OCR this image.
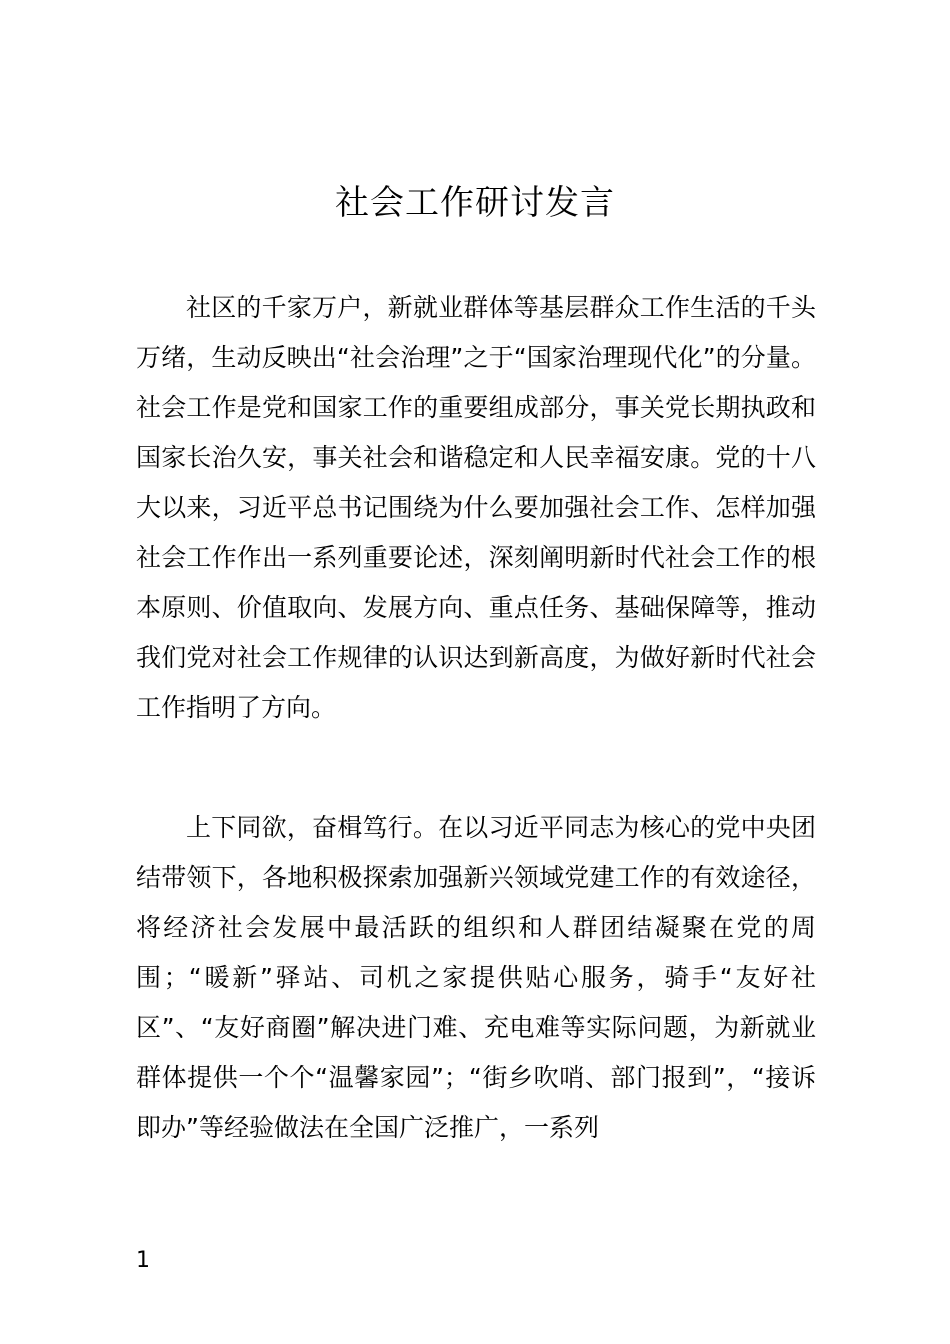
社会工作研讨发言

社区的千家万户，新就业群体等基层群众工作生活的千头万绪，生动反映出“社会治理”之于“国家治理现代化”的分量。社会工作是党和国家工作的重要组成部分，事关党长期执政和国家长治久安，事关社会和谐稳定和人民幸福安康。党的十八大以来，习近平总书记围绕为什么要加强社会工作、怎样加强社会工作作出一系列重要论述，深刻阐明新时代社会工作的根本原则、价值取向、发展方向、重点任务、基础保障等，推动我们党对社会工作规律的认识达到新高度，为做好新时代社会工作指明了方向。

上下同欲，奋楫笃行。在以习近平同志为核心的党中央团结带领下，各地积极探索加强新兴领域党建工作的有效途径，将经济社会发展中最活跃的组织和人群团结凝聚在党的周围；“暖新”驿站、司机之家提供贴心服务，骑手“友好社区”、“友好商圈”解决进门难、充电难等实际问题，为新就业群体提供一个个“温馨家园”；“街乡吹哨、部门报到”，“接诉即办”等经验做法在全国广泛推广，一系列

1
